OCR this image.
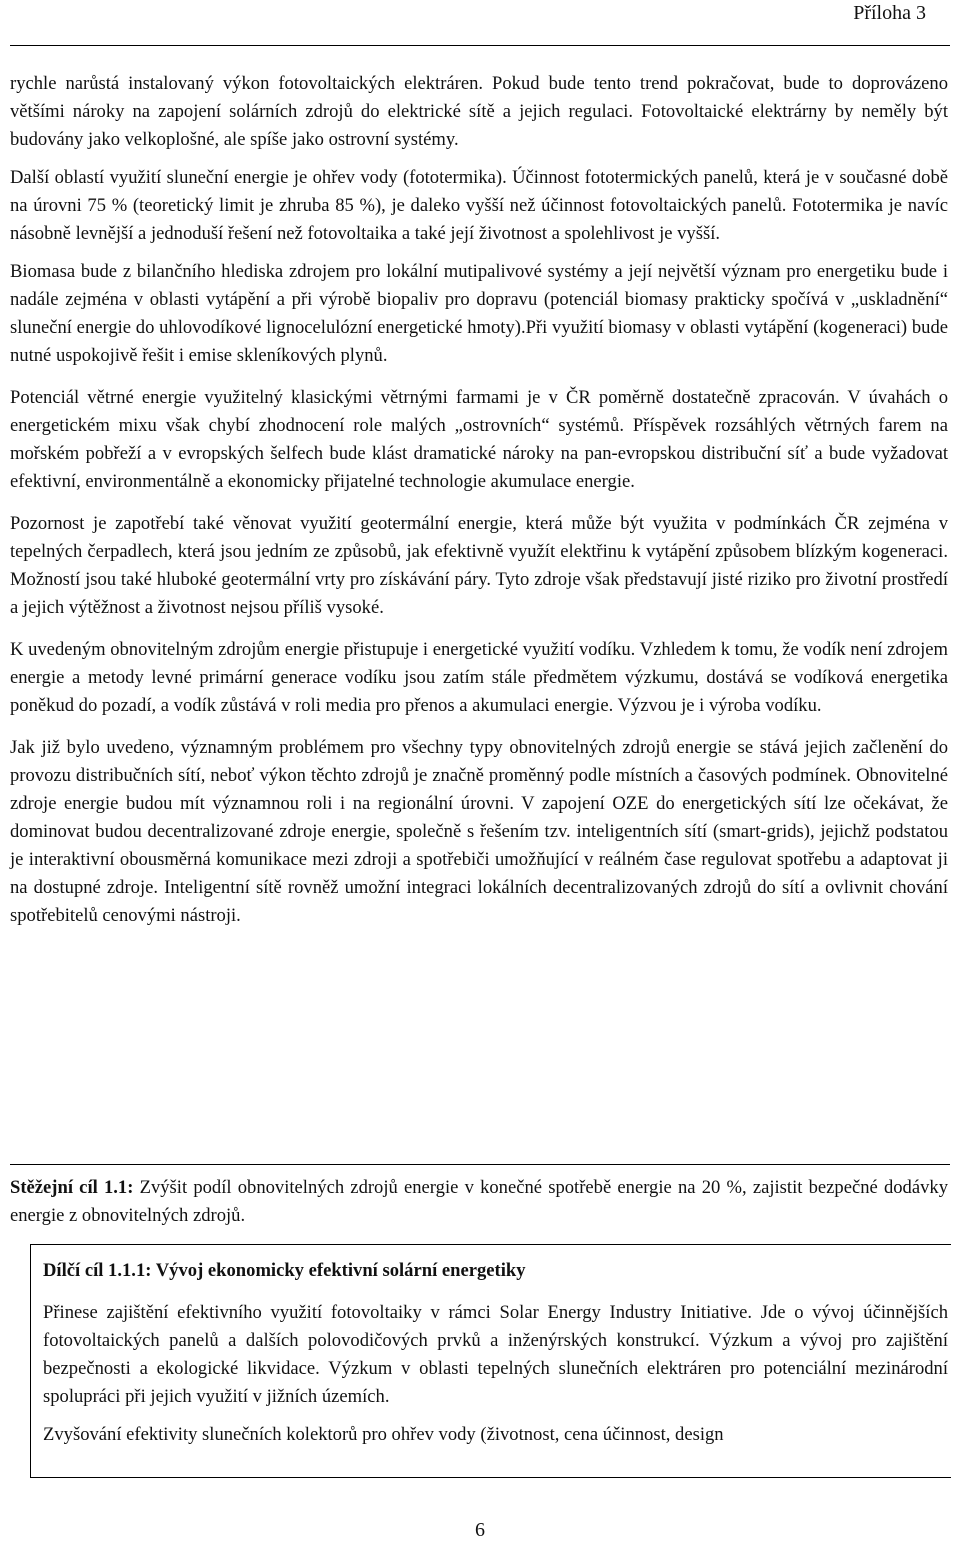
Příloha 3

rychle narůstá instalovaný výkon fotovoltaických elektráren. Pokud bude tento trend pokračovat, bude to doprovázeno většími nároky na zapojení solárních zdrojů do elektrické sítě a jejich regulaci. Fotovoltaické elektrárny by neměly být budovány jako velkoplošné, ale spíše jako ostrovní systémy.

Další oblastí využití sluneční energie je ohřev vody (fototermika). Účinnost fototermických panelů, která je v současné době na úrovni 75 % (teoretický limit je zhruba 85 %), je daleko vyšší než účinnost fotovoltaických panelů. Fototermika je navíc násobně levnější a jednoduší řešení než fotovoltaika a také její životnost a spolehlivost je vyšší.

Biomasa bude z bilančního hlediska zdrojem pro lokální mutipalivové systémy a její největší význam pro energetiku bude i nadále zejména v oblasti vytápění a při výrobě biopaliv pro dopravu (potenciál biomasy prakticky spočívá v „uskladnění“ sluneční energie do uhlovodíkové lignocelulózní energetické hmoty).Při využití biomasy v oblasti vytápění (kogeneraci) bude nutné uspokojivě řešit i emise skleníkových plynů.

Potenciál větrné energie využitelný klasickými větrnými farmami je v ČR poměrně dostatečně zpracován. V úvahách o energetickém mixu však chybí zhodnocení role malých „ostrovních“ systémů. Příspěvek rozsáhlých větrných farem na mořském pobřeží a v evropských šelfech bude klást dramatické nároky na pan-evropskou distribuční síť a bude vyžadovat efektivní, environmentálně a ekonomicky přijatelné technologie akumulace energie.

Pozornost je zapotřebí také věnovat využití geotermální energie, která může být využita v podmínkách ČR zejména v tepelných čerpadlech, která jsou jedním ze způsobů, jak efektivně využít elektřinu k vytápění způsobem blízkým kogeneraci. Možností jsou také hluboké geotermální vrty pro získávání páry. Tyto zdroje však představují jisté riziko pro životní prostředí a jejich výtěžnost a životnost nejsou příliš vysoké.

K uvedeným obnovitelným zdrojům energie přistupuje i energetické využití vodíku. Vzhledem k tomu, že vodík není zdrojem energie a metody levné primární generace vodíku jsou zatím stále předmětem výzkumu, dostává se vodíková energetika poněkud do pozadí, a vodík zůstává v roli media pro přenos a akumulaci energie. Výzvou je i výroba vodíku.

Jak již bylo uvedeno, významným problémem pro všechny typy obnovitelných zdrojů energie se stává jejich začlenění do provozu distribučních sítí, neboť výkon těchto zdrojů je značně proměnný podle místních a časových podmínek. Obnovitelné zdroje energie budou mít významnou roli i na regionální úrovni. V zapojení OZE do energetických sítí lze očekávat, že dominovat budou decentralizované zdroje energie, společně s řešením tzv. inteligentních sítí (smart-grids), jejichž podstatou je interaktivní obousměrná komunikace mezi zdroji a spotřebiči umožňující v reálném čase regulovat spotřebu a adaptovat ji na dostupné zdroje. Inteligentní sítě rovněž umožní integraci lokálních decentralizovaných zdrojů do sítí a ovlivnit chování spotřebitelů cenovými nástroji.

Stěžejní cíl 1.1: Zvýšit podíl obnovitelných zdrojů energie v konečné spotřebě energie na 20 %, zajistit bezpečné dodávky energie z obnovitelných zdrojů.

Dílčí cíl 1.1.1: Vývoj ekonomicky efektivní solární energetiky

Přinese zajištění efektivního využití fotovoltaiky v rámci Solar Energy Industry Initiative. Jde o vývoj účinnějších fotovoltaických panelů a dalších polovodičových prvků a inženýrských konstrukcí. Výzkum a vývoj pro zajištění bezpečnosti a ekologické likvidace. Výzkum v oblasti tepelných slunečních elektráren pro potenciální mezinárodní spolupráci při jejich využití v jižních územích.

Zvyšování efektivity slunečních kolektorů pro ohřev vody (životnost, cena účinnost, design

6
